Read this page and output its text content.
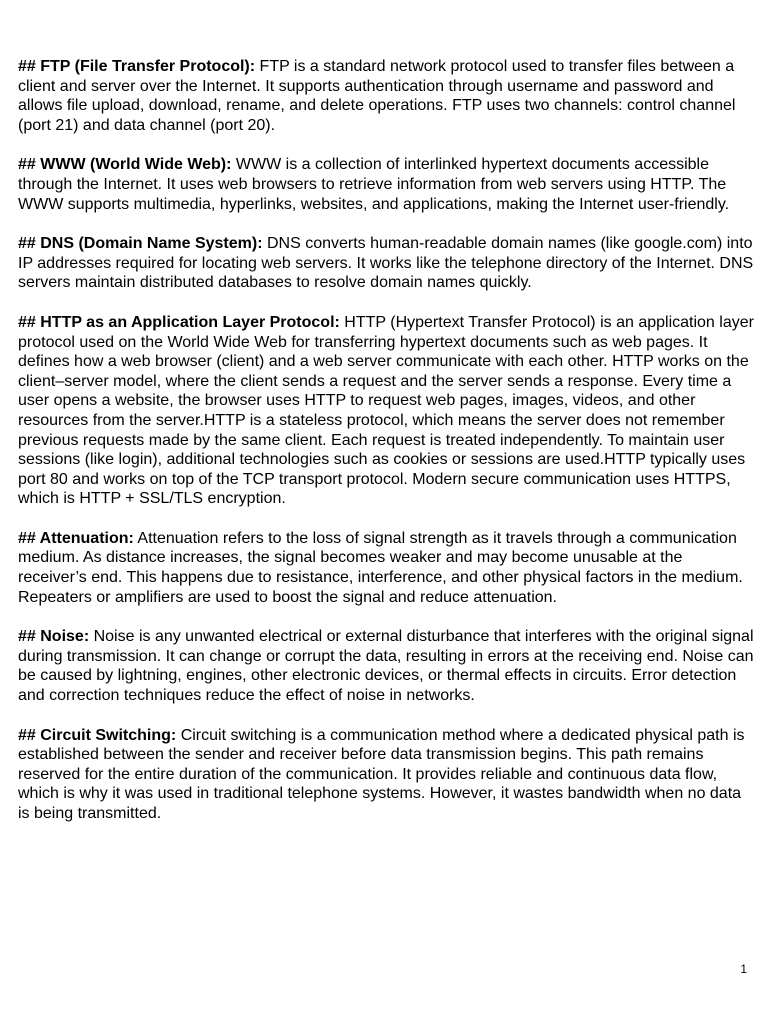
## FTP (File Transfer Protocol): FTP is a standard network protocol used to transfer files between a client and server over the Internet. It supports authentication through username and password and allows file upload, download, rename, and delete operations. FTP uses two channels: control channel (port 21) and data channel (port 20).

## WWW (World Wide Web): WWW is a collection of interlinked hypertext documents accessible through the Internet. It uses web browsers to retrieve information from web servers using HTTP. The WWW supports multimedia, hyperlinks, websites, and applications, making the Internet user-friendly.

## DNS (Domain Name System): DNS converts human-readable domain names (like google.com) into IP addresses required for locating web servers. It works like the telephone directory of the Internet. DNS servers maintain distributed databases to resolve domain names quickly.

## HTTP as an Application Layer Protocol: HTTP (Hypertext Transfer Protocol) is an application layer protocol used on the World Wide Web for transferring hypertext documents such as web pages. It defines how a web browser (client) and a web server communicate with each other. HTTP works on the client–server model, where the client sends a request and the server sends a response. Every time a user opens a website, the browser uses HTTP to request web pages, images, videos, and other resources from the server.HTTP is a stateless protocol, which means the server does not remember previous requests made by the same client. Each request is treated independently. To maintain user sessions (like login), additional technologies such as cookies or sessions are used.HTTP typically uses port 80 and works on top of the TCP transport protocol. Modern secure communication uses HTTPS, which is HTTP + SSL/TLS encryption.

## Attenuation: Attenuation refers to the loss of signal strength as it travels through a communication medium. As distance increases, the signal becomes weaker and may become unusable at the receiver’s end. This happens due to resistance, interference, and other physical factors in the medium. Repeaters or amplifiers are used to boost the signal and reduce attenuation.

## Noise: Noise is any unwanted electrical or external disturbance that interferes with the original signal during transmission. It can change or corrupt the data, resulting in errors at the receiving end. Noise can be caused by lightning, engines, other electronic devices, or thermal effects in circuits. Error detection and correction techniques reduce the effect of noise in networks.

## Circuit Switching: Circuit switching is a communication method where a dedicated physical path is established between the sender and receiver before data transmission begins. This path remains reserved for the entire duration of the communication. It provides reliable and continuous data flow, which is why it was used in traditional telephone systems. However, it wastes bandwidth when no data is being transmitted.

1
